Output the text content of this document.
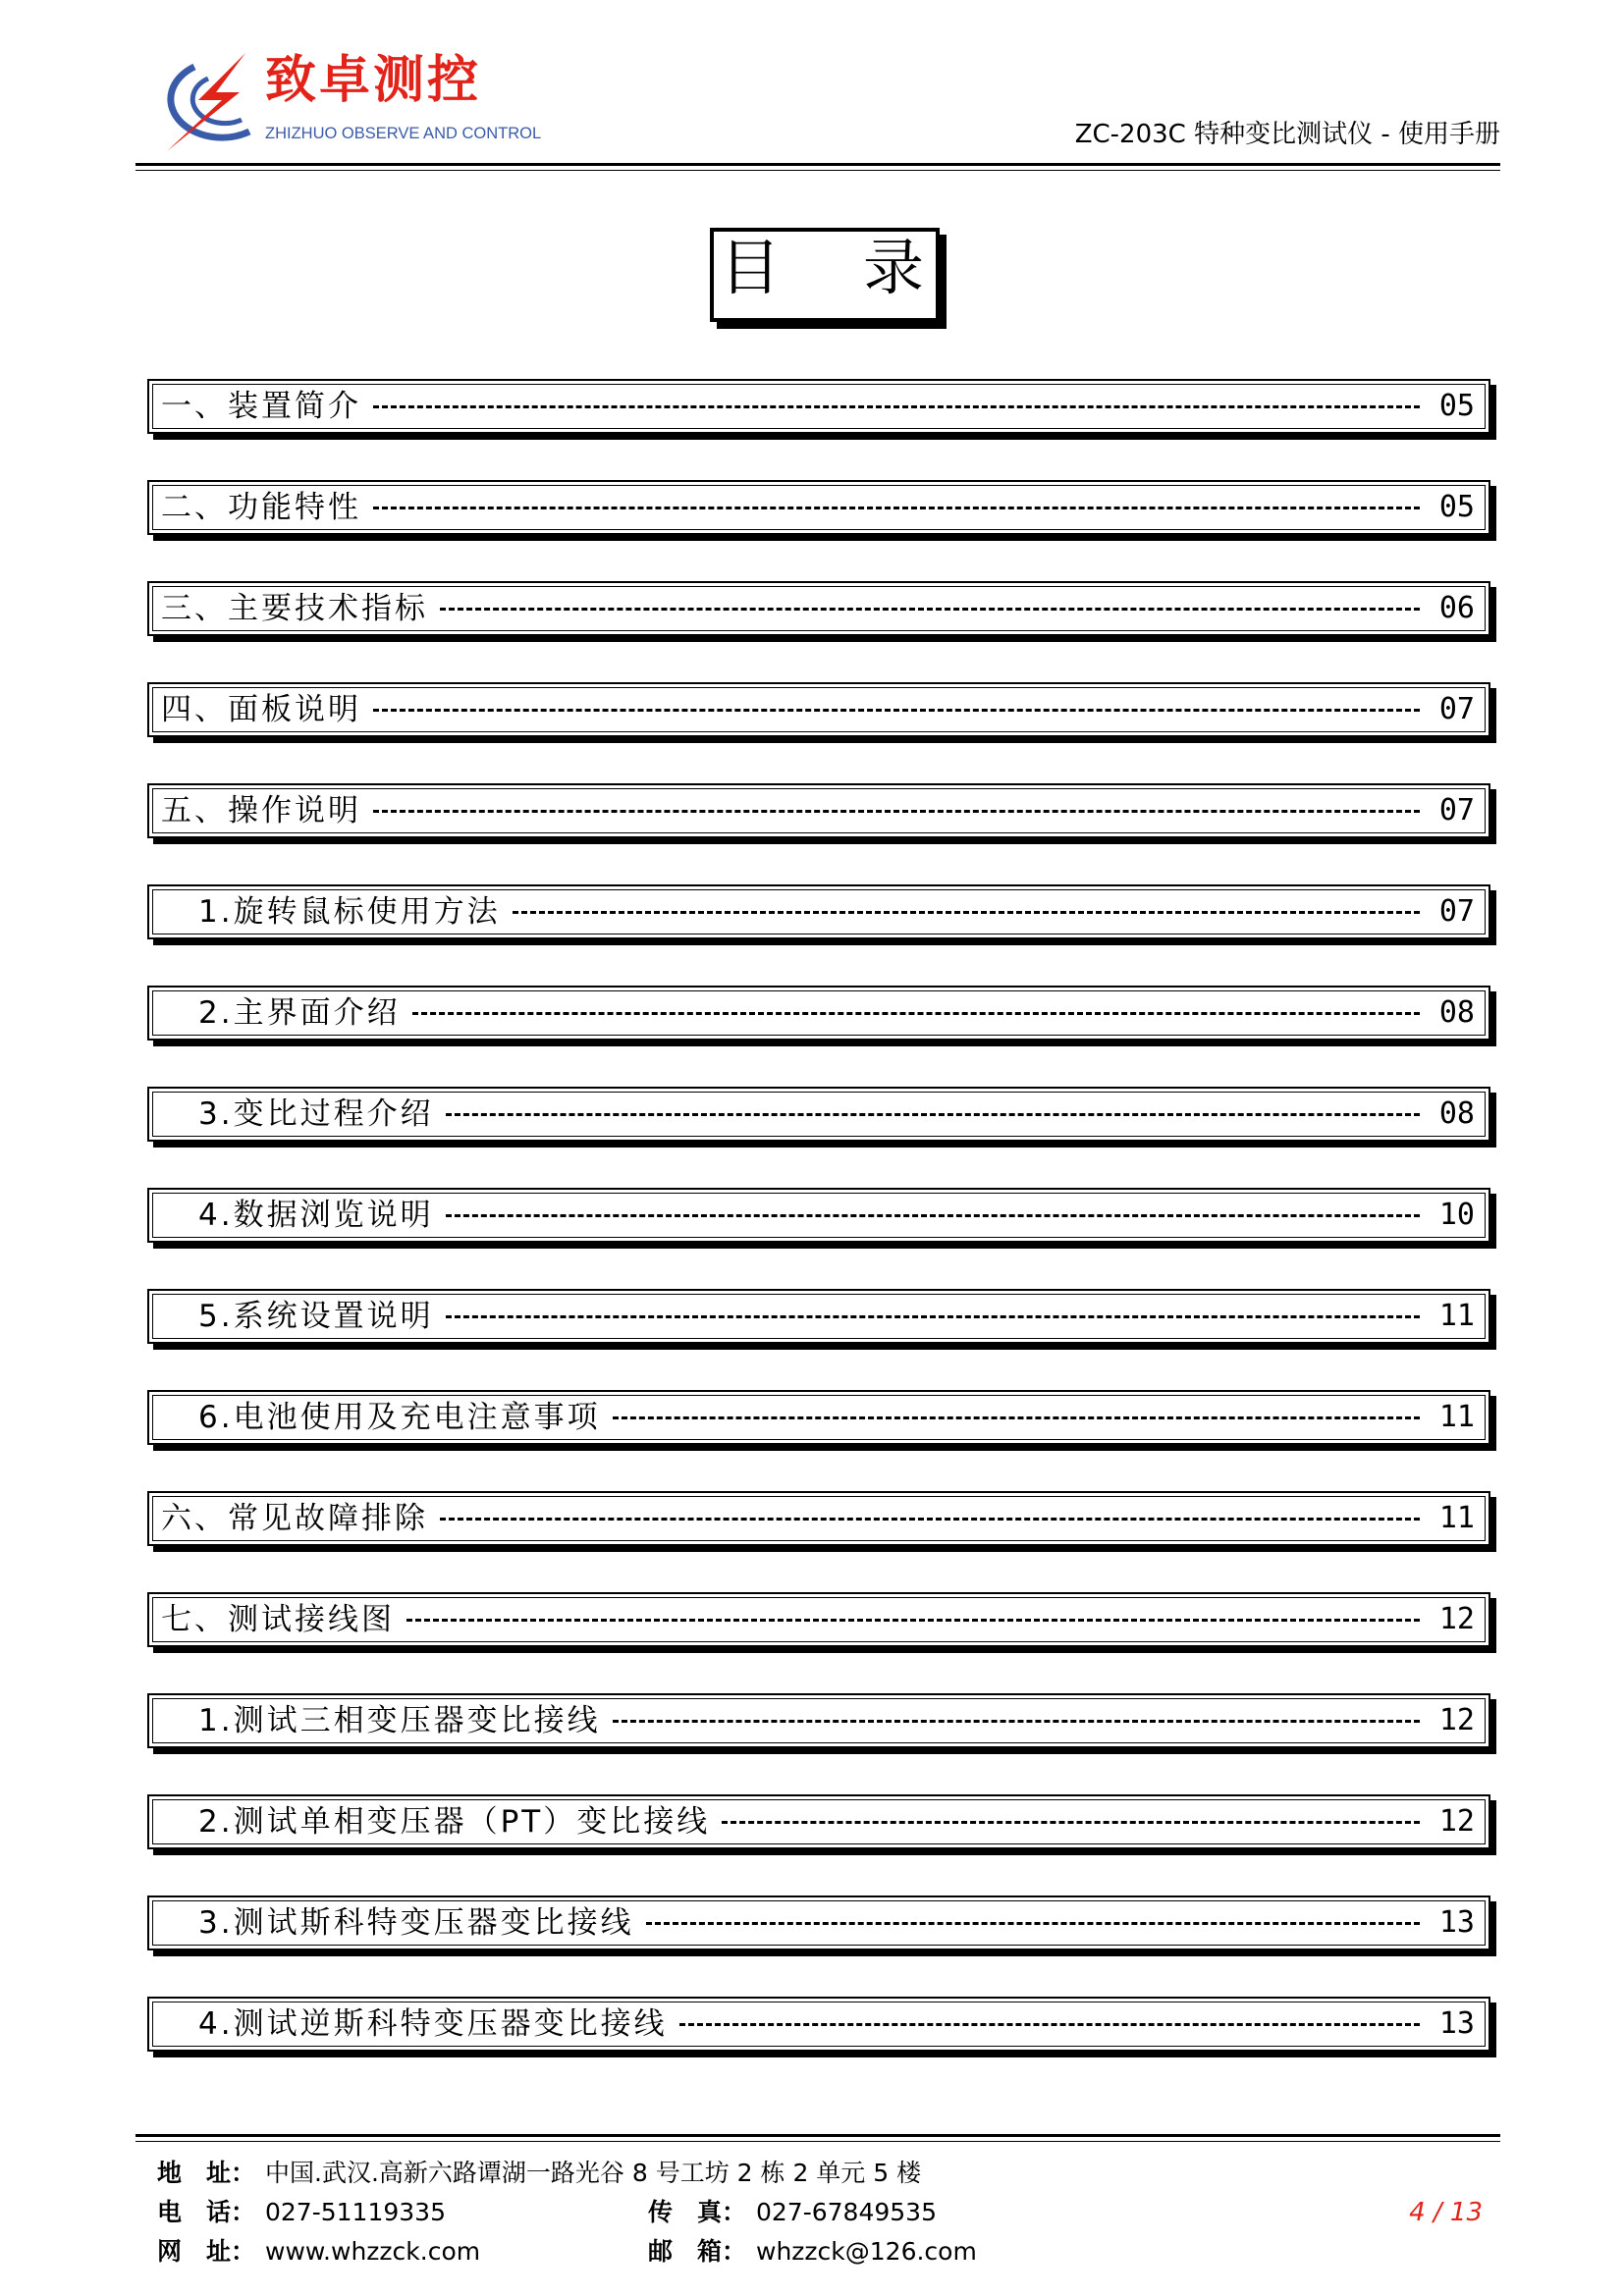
致卓测控
ZHIZHUO OBSERVE AND CONTROL	ZC-203C 特种变比测试仪 - 使用手册
目 录
一、装置简介	05
二、功能特性	05
三、主要技术指标	06
四、面板说明	07
五、操作说明	07
1.旋转鼠标使用方法	07
2.主界面介绍	08
3.变比过程介绍	08
4.数据浏览说明	10
5.系统设置说明	11
6.电池使用及充电注意事项	11
六、常见故障排除	11
七、测试接线图	12
1.测试三相变压器变比接线	12
2.测试单相变压器（PT）变比接线	12
3.测试斯科特变压器变比接线	13
4.测试逆斯科特变压器变比接线	13
地　址： 中国.武汉.高新六路谭湖一路光谷 8 号工坊 2 栋 2 单元 5 楼
电　话： 027-51119335	传　真： 027-67849535	4 / 13
网　址： www.whzzck.com	邮　箱： whzzck@126.com
